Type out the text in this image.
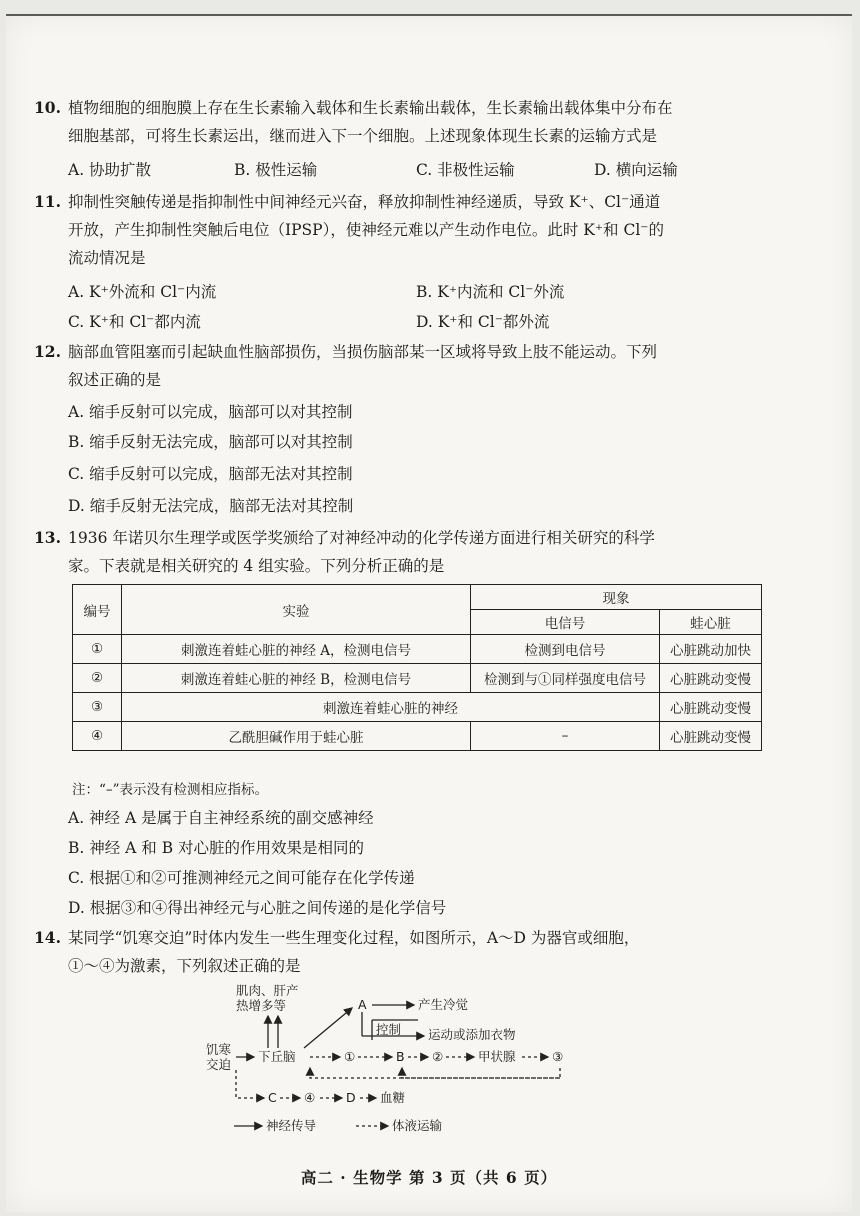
10. 植物细胞的细胞膜上存在生长素输入载体和生长素输出载体，生长素输出载体集中分布在
细胞基部，可将生长素运出，继而进入下一个细胞。上述现象体现生长素的运输方式是
A. 协助扩散	B. 极性运输	C. 非极性运输	D. 横向运输
11. 抑制性突触传递是指抑制性中间神经元兴奋，释放抑制性神经递质，导致 K⁺、Cl⁻通道
开放，产生抑制性突触后电位（IPSP），使神经元难以产生动作电位。此时 K⁺和 Cl⁻的
流动情况是
A. K⁺外流和 Cl⁻内流	B. K⁺内流和 Cl⁻外流
C. K⁺和 Cl⁻都内流	D. K⁺和 Cl⁻都外流
12. 脑部血管阻塞而引起缺血性脑部损伤，当损伤脑部某一区域将导致上肢不能运动。下列
叙述正确的是
A. 缩手反射可以完成，脑部可以对其控制
B. 缩手反射无法完成，脑部可以对其控制
C. 缩手反射可以完成，脑部无法对其控制
D. 缩手反射无法完成，脑部无法对其控制
13. 1936 年诺贝尔生理学或医学奖颁给了对神经冲动的化学传递方面进行相关研究的科学
家。下表就是相关研究的 4 组实验。下列分析正确的是
编号	实验	现象	
		电信号	蛙心脏
①	刺激连着蛙心脏的神经 A，检测电信号	检测到电信号	心脏跳动加快
②	刺激连着蛙心脏的神经 B，检测电信号	检测到与①同样强度电信号	心脏跳动变慢
③	刺激连着蛙心脏的神经		心脏跳动变慢
④	乙酰胆碱作用于蛙心脏	–	心脏跳动变慢
注：“–”表示没有检测相应指标。
A. 神经 A 是属于自主神经系统的副交感神经
B. 神经 A 和 B 对心脏的作用效果是相同的
C. 根据①和②可推测神经元之间可能存在化学传递
D. 根据③和④得出神经元与心脏之间传递的是化学信号
14. 某同学“饥寒交迫”时体内发生一些生理变化过程，如图所示，A～D 为器官或细胞，
①～④为激素，下列叙述正确的是
饥寒
交迫
下丘脑
肌肉、肝产
热增多等	A	产生冷觉
控制 运动或添加衣物
①	B ②	甲状腺	③
C ④ D 血糖
神经传导	体液运输
高二 · 生物学 第 3 页（共 6 页）
